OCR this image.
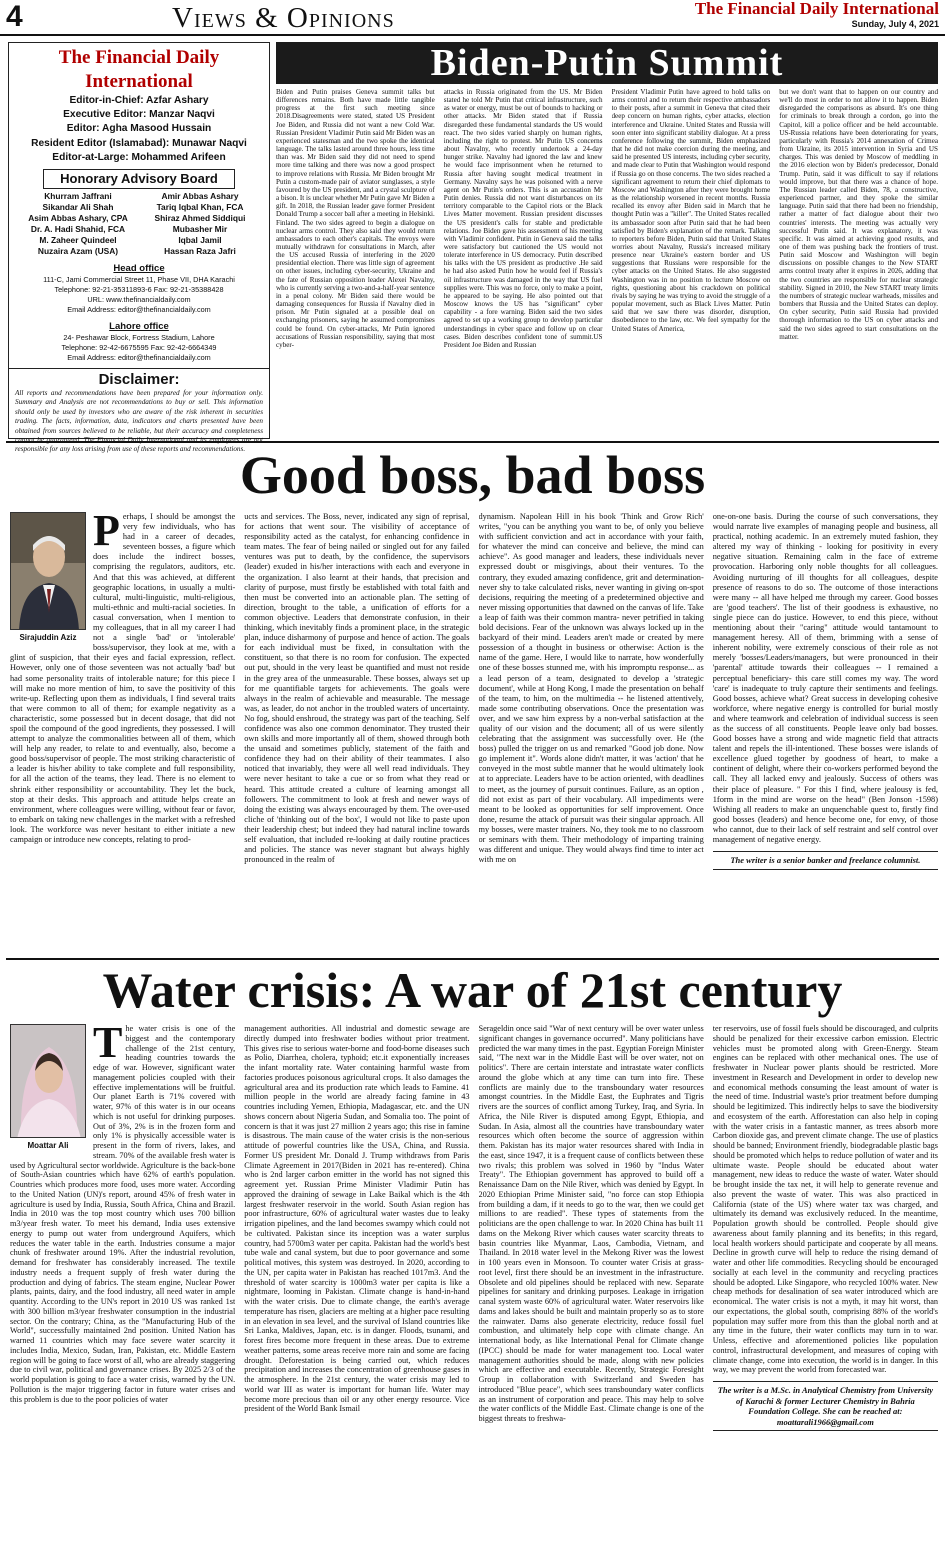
4	Views & Opinions	The Financial Daily International
Sunday, July 4, 2021
The Financial Daily International
Editor-in-Chief: Azfar Ashary
Executive Editor: Manzar Naqvi
Editor: Agha Masood Hussain
Resident Editor (Islamabad): Munawar Naqvi
Editor-at-Large: Mohammed Arifeen
Honorary Advisory Board
Khurram Jaffrani
Sikandar Ali Shah
Asim Abbas Ashary, CPA
Dr. A. Hadi Shahid, FCA
M. Zaheer Quindeel
Nuzaira Azam (USA)
Amir Abbas Ashary
Tariq Iqbal Khan, FCA
Shiraz Ahmed Siddiqui
Mubasher Mir
Iqbal Jamil
Hassan Raza Jafri
Head office
111-C, Jami Commercial Street 11, Phase VII, DHA Karachi
Telephone: 92-21-35311893-6 Fax: 92-21-35388428
URL: www.thefinancialdaily.com
Email Address: editor@thefinancialdaily.com
Lahore office
24- Peshawar Block, Fortress Stadium, Lahore
Telephone: 92-42-6675595 Fax: 92-42-6664349
Email Address: editor@thefinancialdaily.com
Disclaimer:
All reports and recommendations have been prepared for your information only. Summary and Analysis are not recommendations to buy or sell. This information should only be used by investors who are aware of the risk inherent in securities trading. The facts, information, data, indicators and charts presented have been obtained from sources believed to be reliable, but their accuracy and completeness responsible for any loss arising from use of these reports and recommendations.
Biden-Putin Summit
Biden and Putin praises Geneva summit talks but differences remains. Both have made little tangible progress at the first such meeting since 2018.Disagreements were stated, stated US President Joe Biden, and Russia did not want a new Cold War. Russian President Vladimir Putin said Mr Biden was an experienced statesman and the two spoke the identical language. The talks lasted around three hours, less time than was. Mr Biden said they did not need to spend more time talking and there was now a good prospect to improve relations with Russia. Mr Biden brought Mr Putin a custom-made pair of aviator sunglasses, a style favoured by the US president, and a crystal sculpture of a bison. It is unclear whether Mr Putin gave Mr Biden a gift. In 2018, the Russian leader gave former President Donald Trump a soccer ball after a meeting in Helsinki. Finland. The two sides agreed to begin a dialogue on nuclear arms control. They also said they would return ambassadors to each other's capitals. The envoys were mutually withdrawn for consultations in March, after the US accused Russia of interfering in the 2020 presidential election. There was little sign of agreement on other issues, including cyber-security, Ukraine and the fate of Russian opposition leader Alexei Navalny, who is currently serving a two-and-a-half-year sentence in a penal colony. Mr Biden said there would be damaging consequences for Russia if Navalny died in prison. Mr Putin signaled at a possible deal on exchanging prisoners, saying he assumed compromises could be found. On cyber-attacks, Mr Putin ignored accusations of Russian responsibility, saying that most cyber-
attacks in Russia originated from the US. Mr Biden stated he told Mr Putin that critical infrastructure, such as water or energy, must be out of bounds to hacking or other attacks. Mr Biden stated that if Russia disregarded these fundamental standards the US would react. The two sides varied sharply on human rights, including the right to protest. Mr Putin US concerns about Navalny, who recently undertook a 24-day hunger strike. Navalny had ignored the law and knew he would face imprisonment when he returned to Russia after having sought medical treatment in Germany. Navalny says he was poisoned with a nerve agent on Mr Putin's orders. This is an accusation Mr Putin denies. Russia did not want disturbances on its territory comparable to the Capitol riots or the Black Lives Matter movement. Russian president discusses the US president's calls for stable and predictable relations. Joe Biden gave his assessment of his meeting with Vladimir confident. Putin in Geneva said the talks were satisfactory but cautioned the US would not tolerate interference in US democracy. Putin described his talks with the US president as productive .He said he had also asked Putin how he would feel if Russia's oil infrastructure was damaged in the way that US fuel supplies were. This was no force, only to make a point, he appeared to be saying. He also pointed out that Moscow knows the US has "significant" cyber capability - a fore warning. Biden said the two sides agreed to set up a working group to develop particular understandings in cyber space and follow up on clear cases. Biden describes confident tone of summit.US President Joe Biden and Russian
President Vladimir Putin have agreed to hold talks on arms control and to return their respective ambassadors to their posts, after a summit in Geneva that cited their deep concern on human rights, cyber attacks, election interference and Ukraine. United States and Russia will soon enter into significant stability dialogue. At a press conference following the summit, Biden emphasized that he did not make coercion during the meeting, and said he presented US interests, including cyber security, and made clear to Putin that Washington would respond if Russia go on those concerns. The two sides reached a significant agreement to return their chief diplomats to Moscow and Washington after they were brought home as the relationship worsened in recent months. Russia recalled its envoy after Biden said in March that he thought Putin was a "killer". The United States recalled its ambassador soon after Putin said that he had been satisfied by Biden's explanation of the remark. Talking to reporters before Biden, Putin said that United States worries about Navalny, Russia's increased military presence near Ukraine's eastern border and US suggestions that Russians were responsible for the cyber attacks on the United States. He also suggested Washington was in no position to lecture Moscow on rights, questioning about his crackdown on political rivals by saying he was trying to avoid the struggle of a popular movement, such as Black Lives Matter. Putin said that we saw there was disorder, disruption, disobedience to the law, etc. We feel sympathy for the United States of America,
but we don't want that to happen on our country and we'll do most in order to not allow it to happen. Biden disregarded the comparisons as absurd. It's one thing for criminals to break through a cordon, go into the Capitol, kill a police officer and be held accountable. US-Russia relations have been deteriorating for years, particularly with Russia's 2014 annexation of Crimea from Ukraine, its 2015 intervention in Syria and US charges. This was denied by Moscow of meddling in the 2016 election won by Biden's predecessor, Donald Trump. Putin, said it was difficult to say if relations would improve, but that there was a chance of hope. The Russian leader called Biden, 78, a constructive, experienced partner, and they spoke the similar language. Putin said that there had been no friendship, rather a matter of fact dialogue about their two countries' interests. The meeting was actually very successful Putin said. It was explanatory, it was specific. It was aimed at achieving good results, and one of them was pushing back the frontiers of trust. Putin said Moscow and Washington will begin discussions on possible changes to the New START arms control treaty after it expires in 2026, adding that the two countries are responsible for nuclear strategic stability. Signed in 2010, the New START treaty limits the numbers of strategic nuclear warheads, missiles and bombers that Russia and the United States can deploy. On cyber security, Putin said Russia had provided thorough information to the US on cyber attacks and said the two sides agreed to start consultations on the matter.
Good boss, bad boss
Sirajuddin Aziz
P erhaps, I should be amongst the very few individuals, who has had in a career of decades, seventeen bosses, a figure which does include the indirect bosses, comprising the regulators, auditors, etc. And that this was achieved, at different geographic locations, in usually a multi-cultural, multi-linguistic, multi-religious, multi-ethnic and multi-racial societies. In casual conversation, when I mention to my colleagues, that in all my career I had not a single 'bad' or 'intolerable' boss/supervisor, they look at me, with a glint of suspicion, that their eyes and facial expression, reflect. However, only one of those seventeen was not actually 'bad' but had some personality traits of intolerable nature; for this piece I will make no more mention of him, to save the positivity of this write-up. Reflecting upon them as individuals, I find several traits that were common to all of them; for example negativity as a characteristic, some possessed but in decent dosage, that did not spoil the compound of the good ingredients, they possessed. I will attempt to analyze the commonalities between all of them, which will help any reader, to relate to and eventually, also, become a good boss/supervisor of people. The most striking characteristic of a leader is his/her ability to take complete and full responsibility, for all the action of the teams, they lead. There is no element to shrink either responsibility or accountability. They let the buck, stop at their desks. This approach and attitude helps create an environment, where colleagues were willing, without fear or favor, to embark on taking new challenges in the market with a refreshed look. The workforce was never hesitant to either initiate a new campaign or introduce new concepts, relating to prod-
ucts and services. The Boss, never, indicated any sign of reprisal, for actions that went sour. The visibility of acceptance of responsibility acted as the catalyst, for enhancing confidence in team mates. The fear of being nailed or singled out for any failed ventures was put to death, by the confidence, the supervisors (leader) exuded in his/her interactions with each and everyone in the organization. I also learnt at their hands, that precision and clarity of purpose, must firstly be established with total faith and then must be converted into an actionable plan. The setting of direction, brought to the table, a unification of efforts for a common objective. Leaders that demonstrate confusion, in their thinking, which inevitably finds a prominent place, in the strategic plan, induce disharmony of purpose and hence of action. The goals for each individual must be fixed, in consultation with the constituent, so that there is no room for confusion. The expected out put, should in the very least be quantified and must not reside in the grey area of the unmeasurable. These bosses, always set up for me quantifiable targets for achievements. The goals were always in the realm of achievable and measurable. The message was, as leader, do not anchor in the troubled waters of uncertainty. No fog, should enshroud, the strategy was part of the teaching. Self confidence was also one common denominator. They trusted their own skills and more importantly all of them, showed through both the unsaid and sometimes publicly, statement of the faith and confidence they had on their ability of their teammates. I also noticed that invariably, they were all well read individuals. They were never hesitant to take a cue or so from what they read or heard. This attitude created a culture of learning amongst all followers. The commitment to look at fresh and newer ways of doing the existing was always encouraged by them. The over-used cliche of 'thinking out of the box', I would not like to paste upon their leadership chest; but indeed they had natural incline towards self evaluation, that included re-looking at daily routine practices and policies. The stance was never stagnant but always highly pronounced in the realm of
dynamism. Napolean Hill in his book 'Think and Grow Rich' writes, "you can be anything you want to be, of only you believe with sufficient conviction and act in accordance with your faith, for whatever the mind can conceive and believe, the mind can achieve". As good manager and leaders, these individuals never expressed doubt or misgivings, about their ventures. To the contrary, they exuded amazing confidence, grit and determination- never shy to take calculated risks, never wanting in giving on-spot decisions, requiring the meeting of a predetermined objective and never missing opportunities that dawned on the canvas of life. Take a leap of faith was their common mantra- never petrified in taking bold decisions. Fear of the unknown was always locked up in the backyard of their mind. Leaders aren't made or created by mere possession of a thought in business or otherwise: Action is the name of the game. Here, I would like to narrate, how wonderfully one of these bosses stunned me, with his impromptu response... as a lead person of a team, designated to develop a 'strategic document', while at Hong Kong, I made the presentation on behalf of the team, to him, on the multimedia -- he listened attentively, made some contributing observations. Once the presentation was over, and we saw him express by a non-verbal satisfaction at the quality of our vision and the document; all of us were silently celebrating that the assignment was successfully over. He (the boss) pulled the trigger on us and remarked "Good job done. Now go implement it". Words alone didn't matter, it was 'action' that he conveyed in the most subtle manner that he would ultimately look at to appreciate. Leaders have to be action oriented, with deadlines to meet, as the journey of pursuit continues. Failure, as an option , did not exist as part of their vocabulary. All impediments were meant to be looked as opportunities for self improvement. Once done, resume the attack of pursuit was their singular approach. All my bosses, were master trainers. No, they took me to no classroom or seminars with them. Their methodology of imparting training was different and unique. They would always find time to inter act with me on
one-on-one basis. During the course of such conversations, they would narrate live examples of managing people and business, all practical, nothing academic. In an extremely muted fashion, they altered my way of thinking - looking for positivity in every negative situation. Remaining calm in the face of extreme provocation. Harboring only noble thoughts for all colleagues. Avoiding nurturing of ill thoughts for all colleagues, despite presence of reasons to do so. The outcome of those interactions were many -- all have helped me through my career. Good bosses are 'good teachers'. The list of their goodness is exhaustive, no single piece can do justice. However, to end this piece, without mentioning about their "caring" attitude would tantamount to management heresy. All of them, brimming with a sense of inherent nobility, were extremely conscious of their role as not merely 'bosses/Leaders/managers, but were pronounced in their 'parental' attitude towards their colleagues -- I remained a perceptual beneficiary- this care still comes my way. The word 'care' is inadequate to truly capture their sentiments and feelings. Good bosses, achieve what? Great success in developing cohesive workforce, where negative energy is controlled for burial mostly and where teamwork and celebration of individual success is seen as the success of all constituents. People leave only bad bosses. Good bosses have a strong and wide magnetic field that attracts talent and repels the ill-intentioned. These bosses were islands of excellence glued together by goodness of heart, to make a continent of delight, where their co-workers performed beyond the call. They all lacked envy and jealously. Success of others was their place of pleasure. " For this I find, where jealousy is fed, 1form in the mind are worse on the head" (Ben Jonson -1598) Wishing all readers to make an unquenchable quest to, firstly find good bosses (leaders) and hence become one, for envy, of those who cannot, due to their lack of self restraint and self control over management of negative energy.
The writer is a senior banker and freelance columnist.
Water crisis: A war of 21st century
Moattar Ali
T he water crisis is one of the biggest and the contemporary challenge of the 21st century, heading countries towards the edge of war. However, significant water management policies coupled with their effective implementations will be fruitful. Our planet Earth is 71% covered with water, 97% of this water is in our oceans which is not useful for drinking purposes. Out of 3%, 2% is in the frozen form and only 1% is physically accessible water is present in the form of rivers, lakes, and stream. 70% of the available fresh water is used by Agricultural sector worldwide. Agriculture is the back-bone of South-Asian countries which have 62% of earth's population. Countries which produces more food, uses more water. According to the United Nation (UN)'s report, around 45% of fresh water in agriculture is used by India, Russia, South Africa, China and Brazil. India in 2010 was the top most country which uses 700 billion m3/year fresh water. To meet his demand, India uses extensive energy to pump out water from underground Aquifers, which reduces the water table in the earth. Industries consume a major chunk of freshwater around 19%. After the industrial revolution, demand for freshwater has considerably increased. The textile industry needs a frequent supply of fresh water during the production and dying of fabrics. The steam engine, Nuclear Power plants, paints, dairy, and the food industry, all need water in ample quantity. According to the UN's report in 2010 US was ranked 1st with 300 billion m3/year freshwater consumption in the industrial sector. On the contrary; China, as the "Manufacturing Hub of the World", successfully maintained 2nd position. United Nation has warned 11 countries which may face severe water scarcity it includes India, Mexico, Sudan, Iran, Pakistan, etc. Middle Eastern region will be going to face worst of all, who are already staggering due to civil war, political and governance crises. By 2025 2/3 of the world population is going to face a water crisis, warned by the UN. Pollution is the major triggering factor in future water crises and this problem is due to the poor policies of water
management authorities. All industrial and domestic sewage are directly dumped into freshwater bodies without prior treatment. This gives rise to serious water-borne and food-borne diseases such as Polio, Diarrhea, cholera, typhoid; etc.it exponentially increases the infant mortality rate. Water containing harmful waste from factories produces poisonous agricultural crops. It also damages the agricultural area and its production rate which leads to Famine. 41 million people in the world are already facing famine in 43 countries including Yemen, Ethiopia, Madagascar, etc. and the UN shows concern about Nigeria Sudan, and Somalia too. The point of concern is that it was just 27 million 2 years ago; this rise in famine is disastrous. The main cause of the water crisis is the non-serious attitude of powerful countries like the USA, China, and Russia. Former US president Mr. Donald J. Trump withdraws from Paris Climate Agreement in 2017(Biden in 2021 has re-entered). China who is 2nd larger carbon emitter in the world has not signed this agreement yet. Russian Prime Minister Vladimir Putin has approved the draining of sewage in Lake Baikal which is the 4th largest freshwater reservoir in the world. South Asian region has poor infrastructure, 60% of agricultural water wastes due to leaky irrigation pipelines, and the land becomes swampy which could not be cultivated. Pakistan since its inception was a water surplus country, had 5700m3 water per capita. Pakistan had the world's best tube wale and canal system, but due to poor governance and some political motives, this system was destroyed. In 2020, according to the UN, per capita water in Pakistan has reached 1017m3. And the threshold of water scarcity is 1000m3 water per capita is like a nightmare, looming in Pakistan. Climate change is hand-in-hand with the water crisis. Due to climate change, the earth's average temperature has risen, glaciers are melting at a higher pace resulting in an elevation in sea level, and the survival of Island countries like Sri Lanka, Maldives, Japan, etc. is in danger. Floods, tsunami, and forest fires become more frequent in these areas. Due to extreme weather patterns, some areas receive more rain and some are facing drought. Deforestation is being carried out, which reduces precipitation and increases the concentration of greenhouse gases in the atmosphere. In the 21st century, the water crisis may led to world war III as water is important for human life. Water may become more precious than oil or any other energy resource. Vice president of the World Bank Ismail
Serageldin once said "War of next century will be over water unless significant changes in governance occurred". Many politicians have predicted the war many times in the past. Egyptian Foreign Minister said, "The next war in the Middle East will be over water, not on politics". There are certain interstate and intrastate water conflicts around the globe which at any time can turn into fire. These conflicts are mainly due to the transboundary water resources amongst countries. In the Middle East, the Euphrates and Tigris rivers are the sources of conflict among Turkey, Iraq, and Syria. In Africa, the Nile River is disputed among Egypt, Ethiopia, and Sudan. In Asia, almost all the countries have transboundary water resources which often become the source of aggression within them. Pakistan has its major water resources shared with India in the east, since 1947, it is a frequent cause of conflicts between these two rivals; this problem was solved in 1960 by "Indus Water Treaty". The Ethiopian government has approved to build off a Renaissance Dam on the Nile River, which was denied by Egypt. In 2020 Ethiopian Prime Minister said, "no force can stop Ethiopia from building a dam, if it needs to go to the war, then we could get millions to are readied". These types of statements from the politicians are the open challenge to war. In 2020 China has built 11 dams on the Mekong River which causes water scarcity threats to basin countries like Myanmar, Laos, Cambodia, Vietnam, and Thailand. In 2018 water level in the Mekong River was the lowest in 100 years even in Monsoon. To counter water Crisis at grass- root level, first there should be an investment in the infrastructure. Obsolete and old pipelines should be replaced with new. Separate pipelines for sanitary and drinking purposes. Leakage in irrigation canal system waste 60% of agricultural water. Water reservoirs like dams and lakes should be built and maintain properly so as to store the rainwater. Dams also generate electricity, reduce fossil fuel combustion, and ultimately help cope with climate change. An international body, as like International Penal for Climate change (IPCC) should be made for water management too. Local water management authorities should be made, along with new policies which are effective and executable. Recently, Strategic Foresight Group in collaboration with Switzerland and Sweden has introduced "Blue peace", which sees transboundary water conflicts as an instrument of corporation and peace. This may help to solve the water conflicts of the Middle East. Climate change is one of the biggest threats to freshwa-
ter reservoirs, use of fossil fuels should be discouraged, and culprits should be penalized for their excessive carbon emission. Electric vehicles must be promoted along with Green-Energy. Steam engines can be replaced with other mechanical ones. The use of freshwater in Nuclear power plants should be restricted. More investment in Research and Development in order to develop new and economical methods consuming the least amount of water is the need of time. Industrial waste's prior treatment before dumping should be legitimized. This indirectly helps to save the biodiversity and ecosystem of the earth. Afforestation can also help in coping with the water crisis in a fantastic manner, as trees absorb more Carbon dioxide gas, and prevent climate change. The use of plastics should be banned; Environment friendly, biodegradable plastic bags should be promoted which helps to reduce pollution of water and its ultimate waste. People should be educated about water management, new ideas to reduce the waste of water. Water should be brought inside the tax net, it will help to generate revenue and also prevent the waste of water. This was also practiced in California (state of the US) where water tax was charged, and ultimately its demand was exclusively reduced. In the meantime, Population growth should be controlled. People should give awareness about family planning and its benefits; in this regard, local health workers should participate and cooperate by all means. Decline in growth curve will help to reduce the rising demand of water and other life commodities. Recycling should be encouraged socially at each level in the community and recycling practices should be adopted. Like Singapore, who recycled 100% water. New cheap methods for desalination of sea water introduced which are economical. The water crisis is not a myth, it may hit worst, than our expectations, the global south, comprising 88% of the world's population may suffer more from this than the global north and at any time in the future, their water conflicts may turn in to war. Unless, effective and aforementioned policies like population control, infrastructural development, and measures of coping with climate change, come into execution, the world is in danger. In this way, we may prevent the world from forecasted war.
The writer is a M.Sc. in Analytical Chemistry from University of Karachi & former Lecturer Chemistry in Bahria Foundation College. She can be reached at: moattarali1966@gmail.com
